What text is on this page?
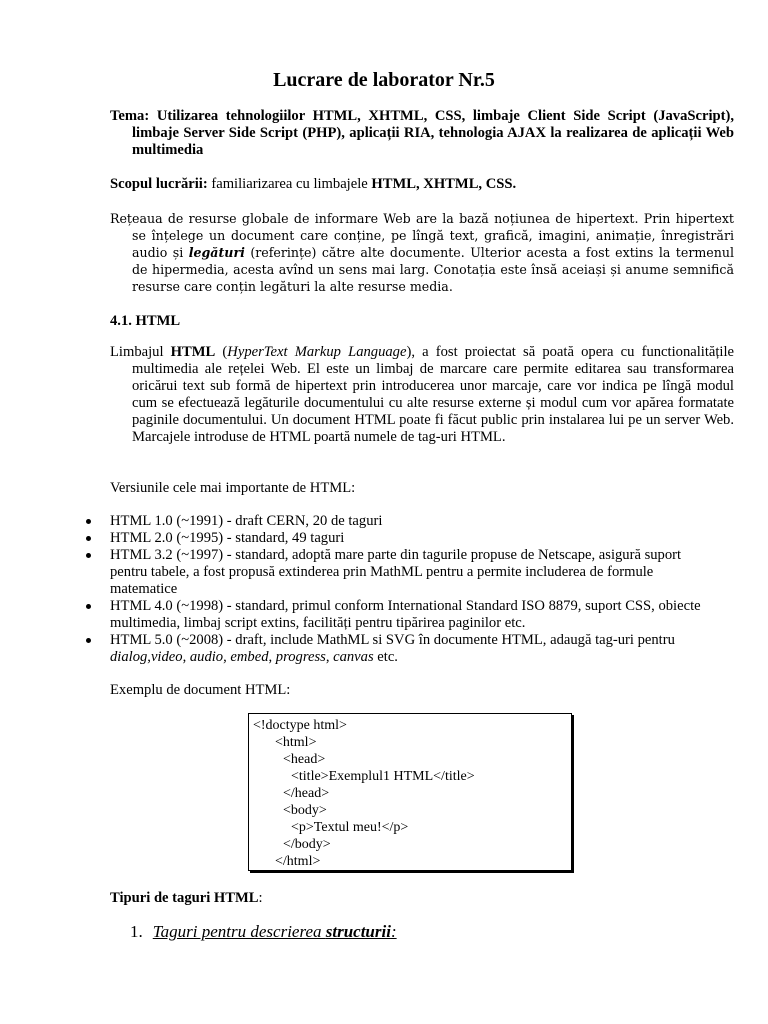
Lucrare de laborator Nr.5
Tema: Utilizarea tehnologiilor HTML, XHTML, CSS, limbaje Client Side Script (JavaScript), limbaje Server Side Script (PHP), aplicații RIA, tehnologia AJAX la realizarea de aplicații Web multimedia
Scopul lucrării: familiarizarea cu limbajele HTML, XHTML, CSS.
Rețeaua de resurse globale de informare Web are la bază noțiunea de hipertext. Prin hipertext se înțelege un document care conține, pe lîngă text, grafică, imagini, animație, înregistrări audio și legături (referințe) către alte documente. Ulterior acesta a fost extins la termenul de hipermedia, acesta avînd un sens mai larg. Conotația este însă aceiași și anume semnifică resurse care conțin legături la alte resurse media.
4.1. HTML
Limbajul HTML (HyperText Markup Language), a fost proiectat să poată opera cu functionalitățile multimedia ale rețelei Web. El este un limbaj de marcare care permite editarea sau transformarea oricărui text sub formă de hipertext prin introducerea unor marcaje, care vor indica pe lîngă modul cum se efectuează legăturile documentului cu alte resurse externe și modul cum vor apărea formatate paginile documentului. Un document HTML poate fi făcut public prin instalarea lui pe un server Web. Marcajele introduse de HTML poartă numele de tag-uri HTML.
Versiunile cele mai importante de HTML:
HTML 1.0 (~1991) - draft CERN, 20 de taguri
HTML 2.0 (~1995) - standard, 49 taguri
HTML 3.2 (~1997) - standard, adoptă mare parte din tagurile propuse de Netscape, asigură suport pentru tabele, a fost propusă extinderea prin MathML pentru a permite includerea de formule matematice
HTML 4.0 (~1998) - standard, primul conform International Standard ISO 8879, suport CSS, obiecte multimedia, limbaj script extins, facilități pentru tipărirea paginilor etc.
HTML 5.0 (~2008) - draft, include MathML si SVG în documente HTML, adaugă tag-uri pentru dialog,video, audio, embed, progress, canvas etc.
Exemplu de document HTML:
<!doctype html>
<html>
<head>
<title>Exemplul1 HTML</title>
</head>
<body>
<p>Textul meu!</p>
</body>
</html>
Tipuri de taguri HTML:
1. Taguri pentru descrierea structurii:
